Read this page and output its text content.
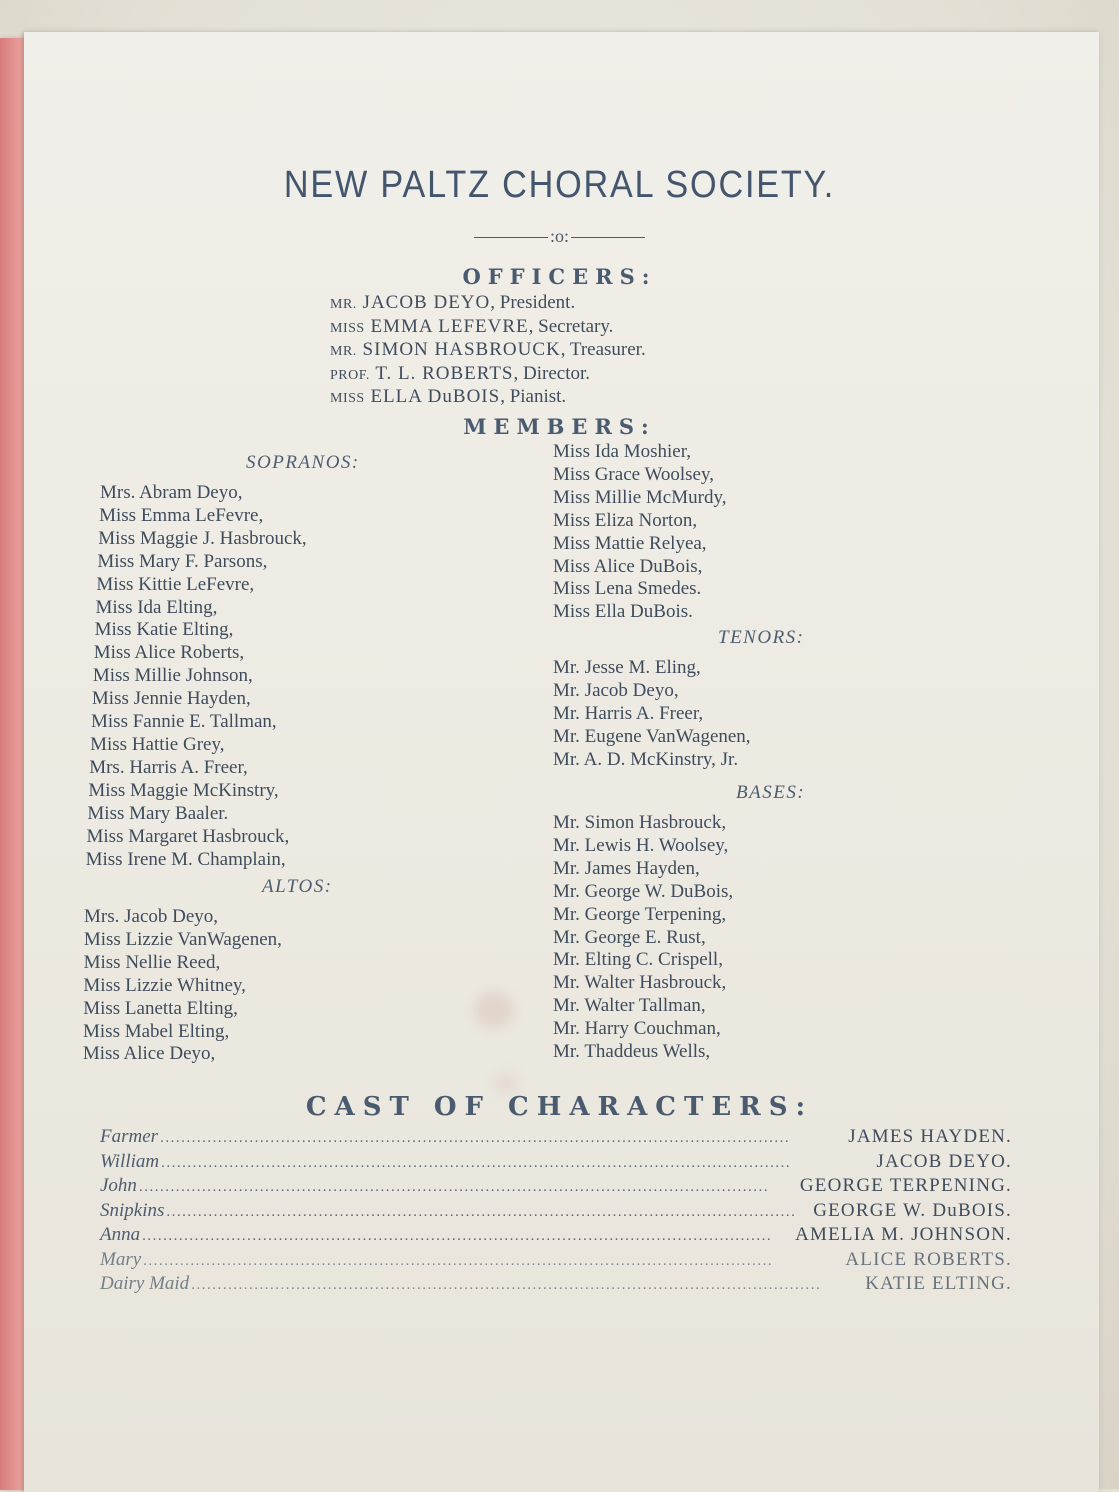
NEW PALTZ CHORAL SOCIETY.
:o:
OFFICERS:
MR. JACOB DEYO, President.
MISS EMMA LEFEVRE, Secretary.
MR. SIMON HASBROUCK, Treasurer.
PROF. T. L. ROBERTS, Director.
MISS ELLA DuBOIS, Pianist.
MEMBERS:
SOPRANOS:
Mrs. Abram Deyo,
Miss Emma LeFevre,
Miss Maggie J. Hasbrouck,
Miss Mary F. Parsons,
Miss Kittie LeFevre,
Miss Ida Elting,
Miss Katie Elting,
Miss Alice Roberts,
Miss Millie Johnson,
Miss Jennie Hayden,
Miss Fannie E. Tallman,
Miss Hattie Grey,
Mrs. Harris A. Freer,
Miss Maggie McKinstry,
Miss Mary Baaler.
Miss Margaret Hasbrouck,
Miss Irene M. Champlain,
ALTOS:
Mrs. Jacob Deyo,
Miss Lizzie VanWagenen,
Miss Nellie Reed,
Miss Lizzie Whitney,
Miss Lanetta Elting,
Miss Mabel Elting,
Miss Alice Deyo,
Miss Ida Moshier,
Miss Grace Woolsey,
Miss Millie McMurdy,
Miss Eliza Norton,
Miss Mattie Relyea,
Miss Alice DuBois,
Miss Lena Smedes.
Miss Ella DuBois.
TENORS:
Mr. Jesse M. Eling,
Mr. Jacob Deyo,
Mr. Harris A. Freer,
Mr. Eugene VanWagenen,
Mr. A. D. McKinstry, Jr.
BASES:
Mr. Simon Hasbrouck,
Mr. Lewis H. Woolsey,
Mr. James Hayden,
Mr. George W. DuBois,
Mr. George Terpening,
Mr. George E. Rust,
Mr. Elting C. Crispell,
Mr. Walter Hasbrouck,
Mr. Walter Tallman,
Mr. Harry Couchman,
Mr. Thaddeus Wells,
CAST OF CHARACTERS:
Farmer ........................................................................................................................	JAMES HAYDEN.
William ........................................................................................................................	JACOB DEYO.
John ........................................................................................................................	GEORGE TERPENING.
Snipkins ........................................................................................................................ GEORGE W. DuBOIS.
Anna ........................................................................................................................	AMELIA M. JOHNSON.
Mary ........................................................................................................................	ALICE ROBERTS.
Dairy Maid ........................................................................................................................	KATIE ELTING.
